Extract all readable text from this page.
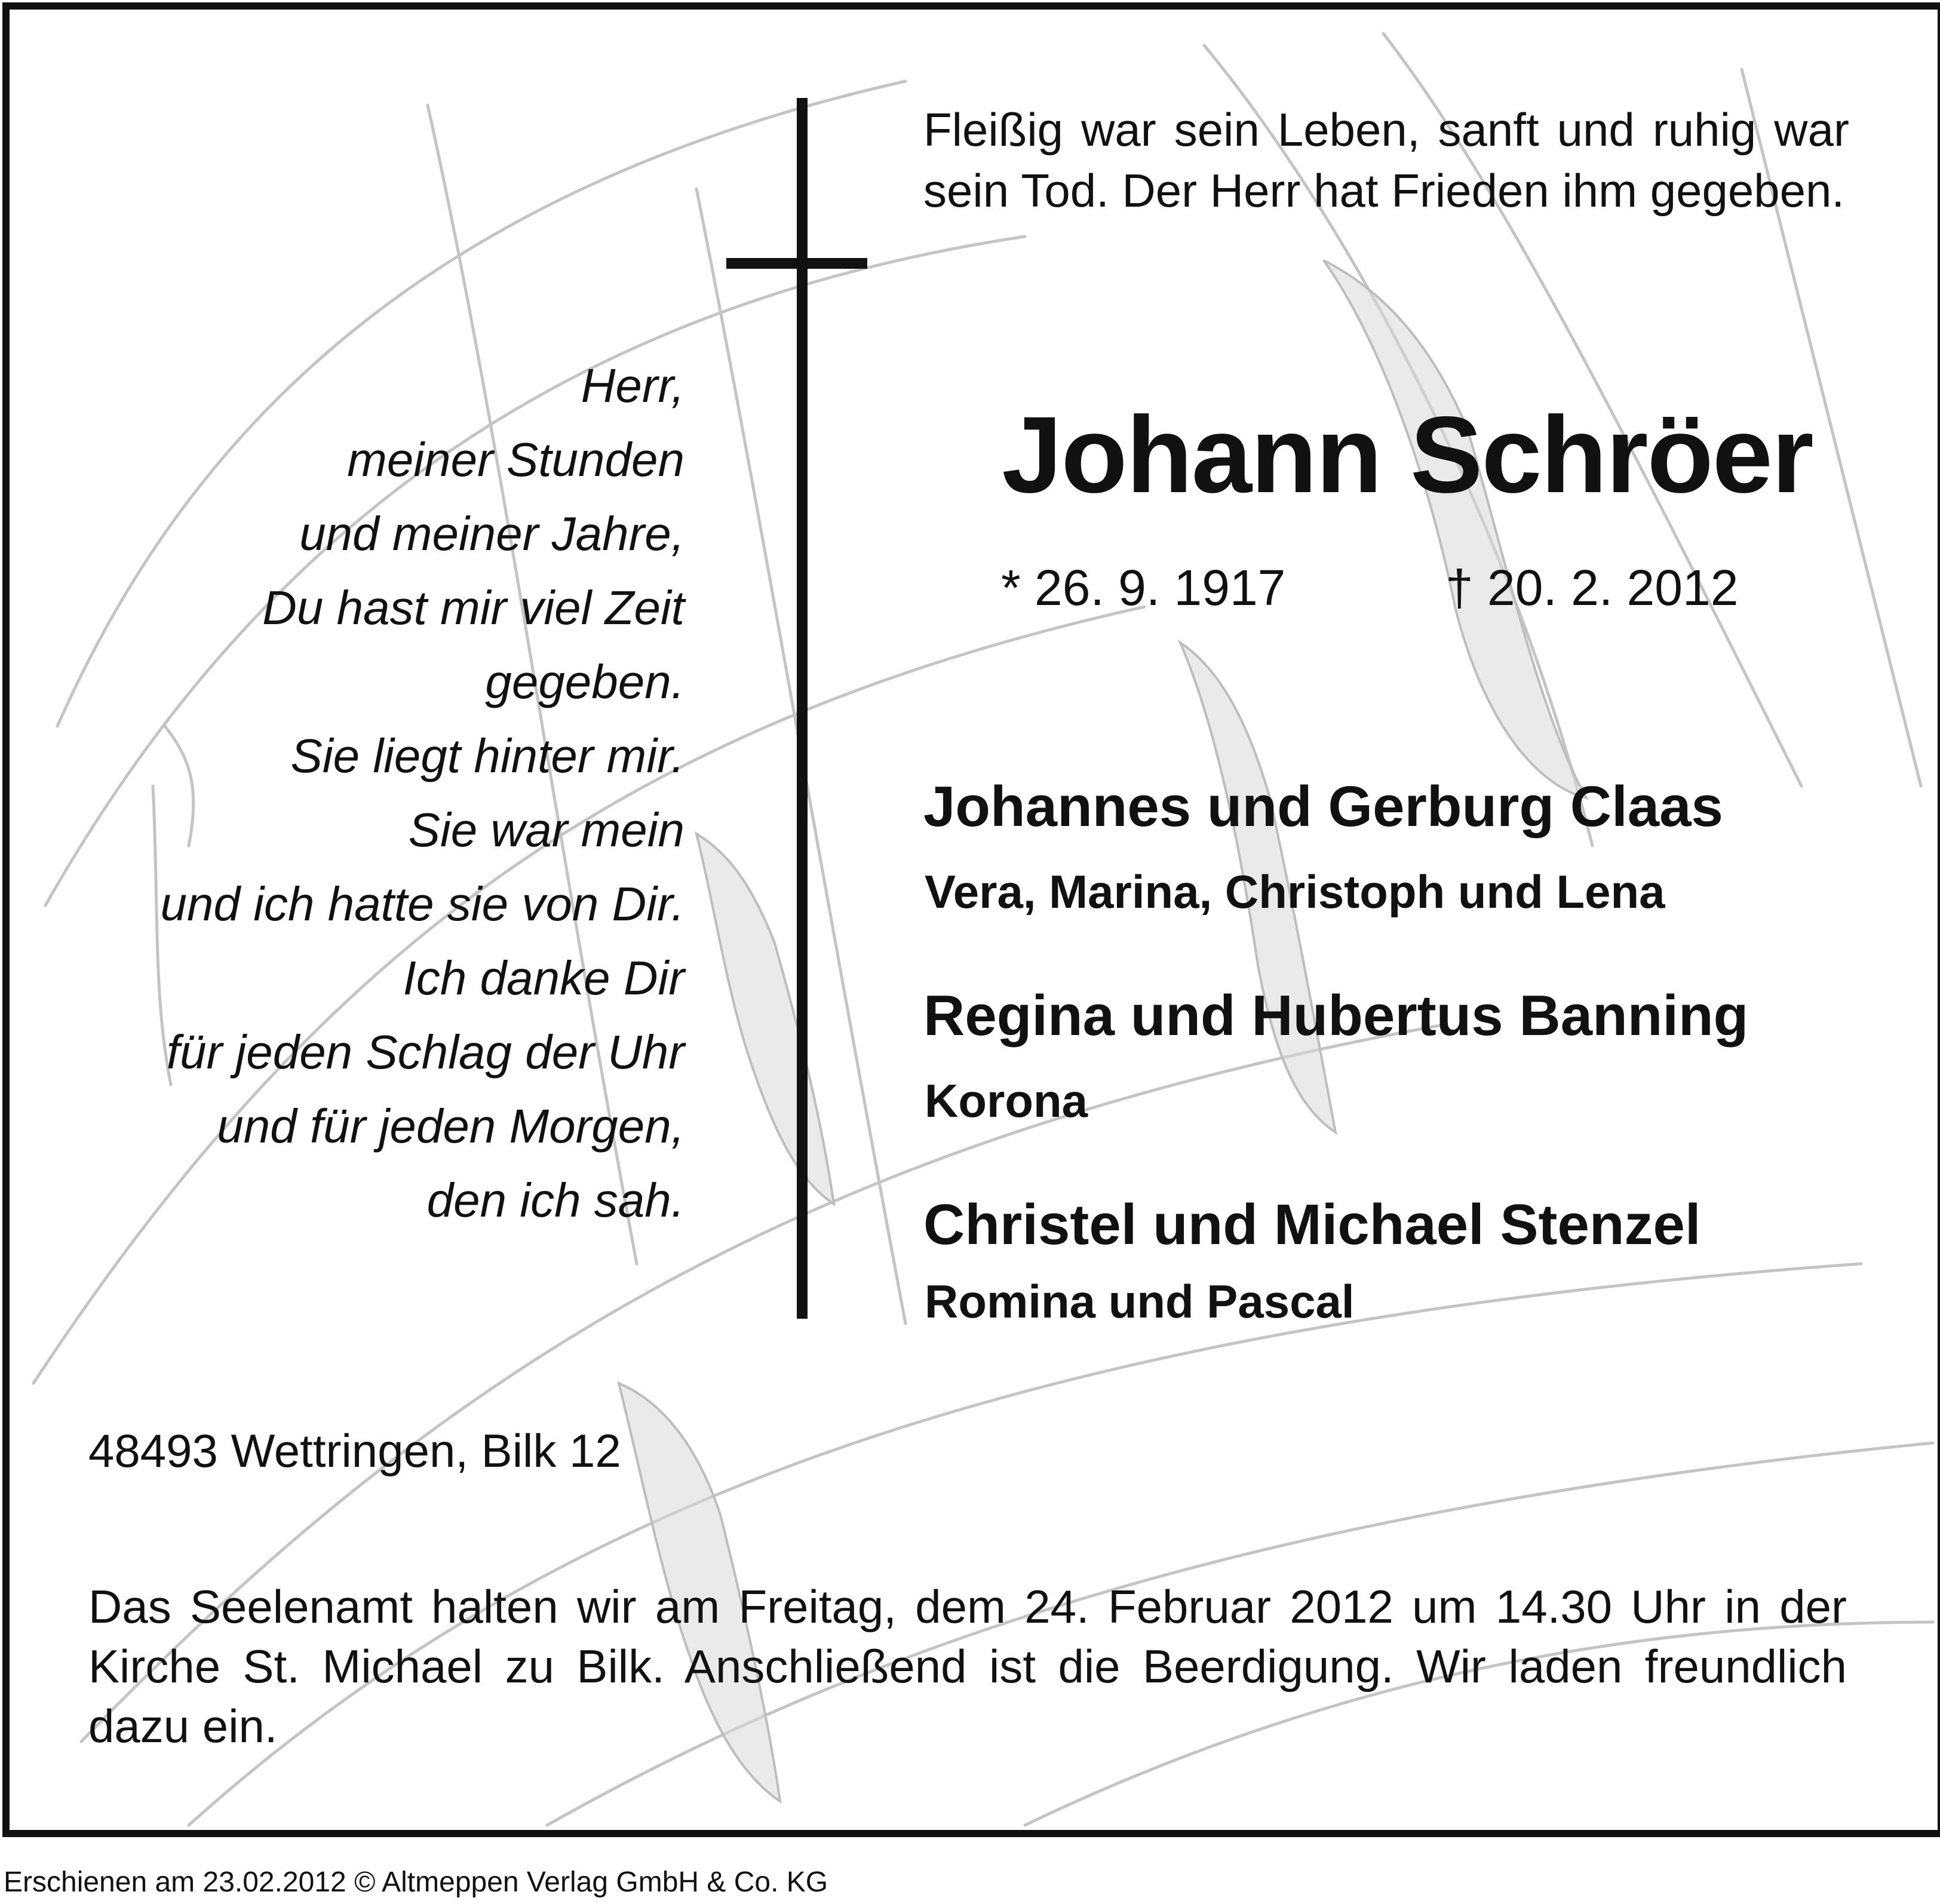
Fleißig war sein Leben, sanft und ruhig war sein Tod. Der Herr hat Frieden ihm gegeben.
Herr,
meiner Stunden
und meiner Jahre,
Du hast mir viel Zeit
gegeben.
Sie liegt hinter mir.
Sie war mein
und ich hatte sie von Dir.
Ich danke Dir
für jeden Schlag der Uhr
und für jeden Morgen,
den ich sah.
Johann Schröer
* 26. 9. 1917	† 20. 2. 2012
Johannes und Gerburg Claas
Vera, Marina, Christoph und Lena
Regina und Hubertus Banning
Korona
Christel und Michael Stenzel
Romina und Pascal
48493 Wettringen, Bilk 12
Das Seelenamt halten wir am Freitag, dem 24. Februar 2012 um 14.30 Uhr in der Kirche St. Michael zu Bilk. Anschließend ist die Beerdigung. Wir laden freundlich dazu ein.
Erschienen am 23.02.2012 © Altmeppen Verlag GmbH & Co. KG
